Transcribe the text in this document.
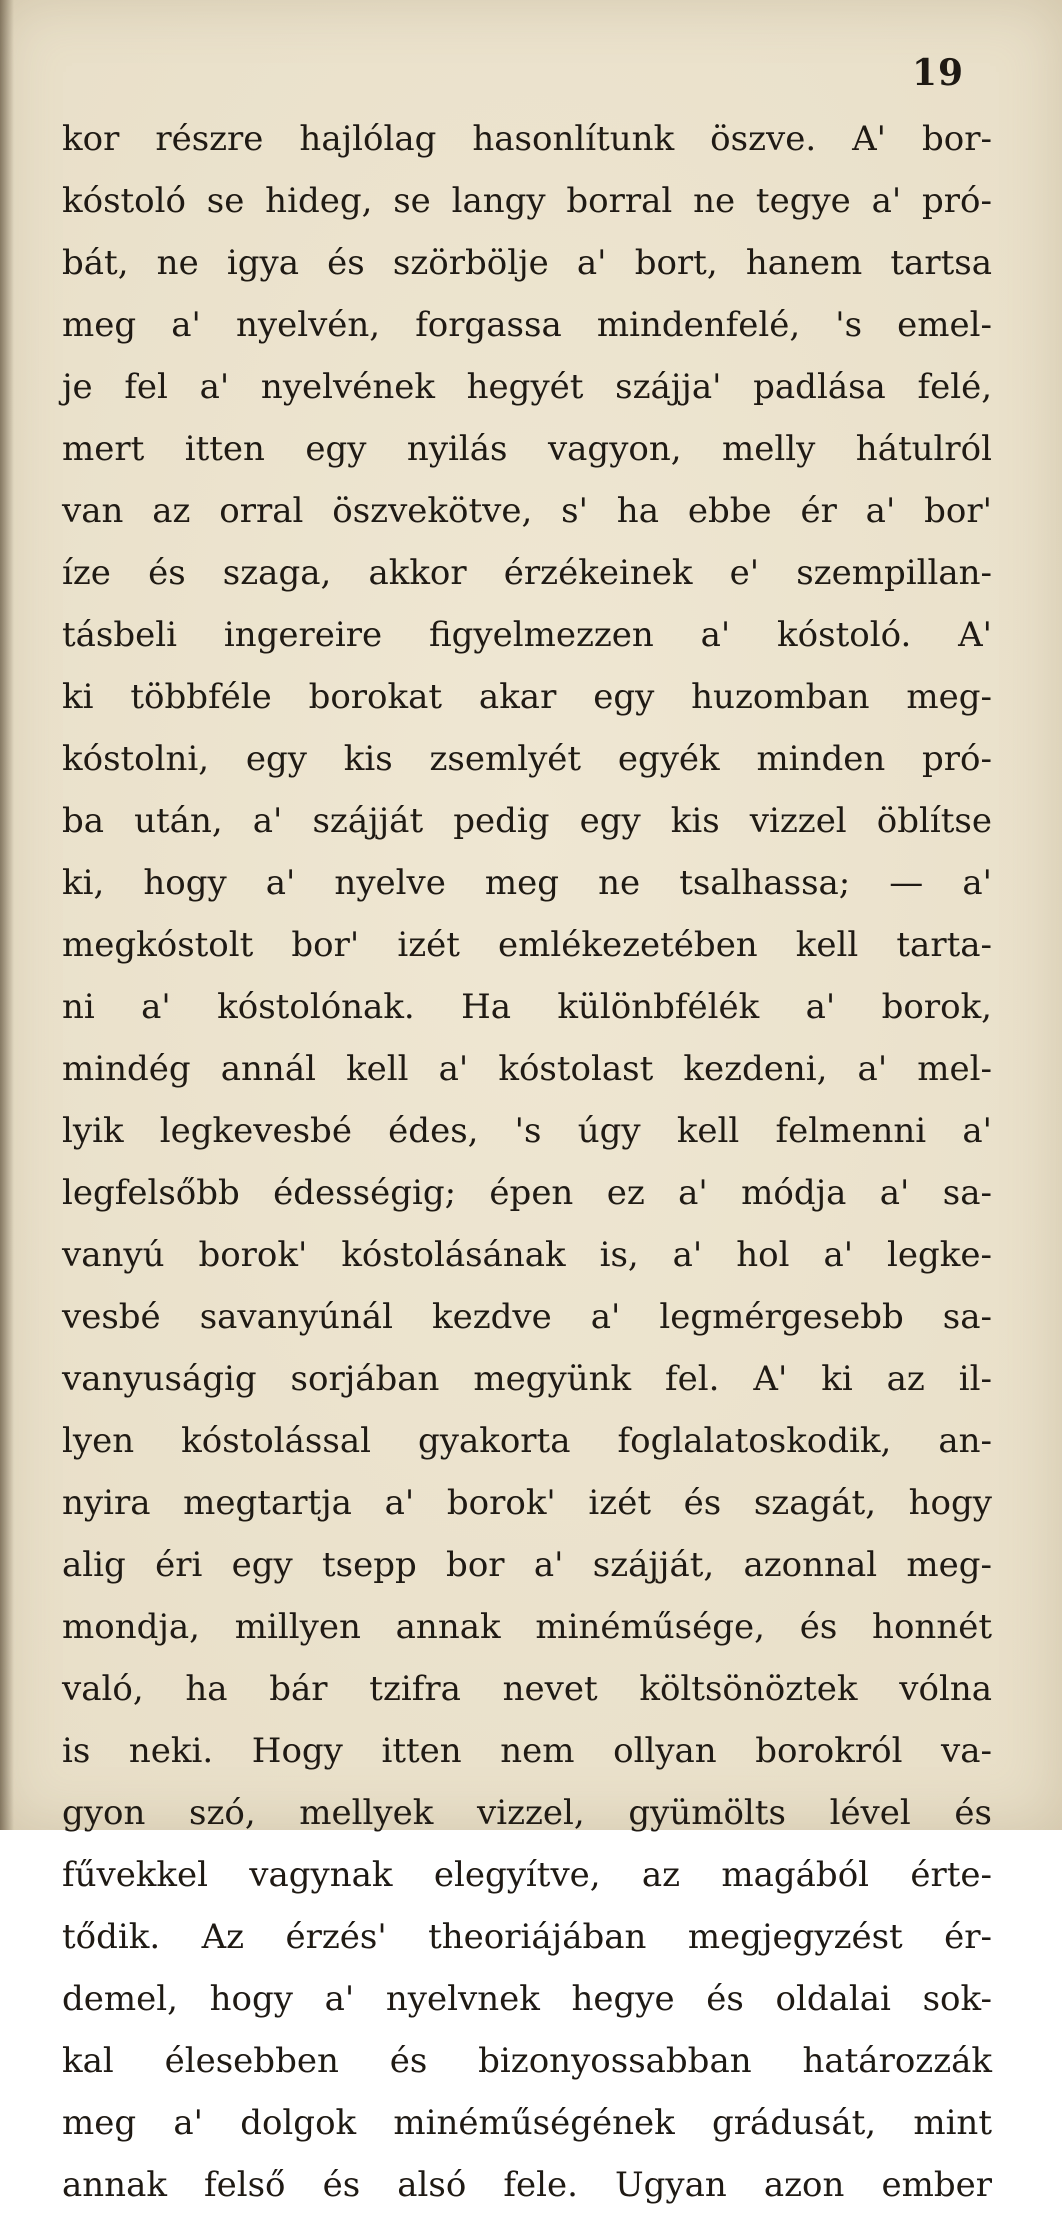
19
kor részre hajlólag hasonlítunk öszve. A' bor-
kóstoló se hideg, se langy borral ne tegye a' pró-
bát, ne igya és szörbölje a' bort, hanem tartsa
meg a' nyelvén, forgassa mindenfelé, 's emel-
je fel a' nyelvének hegyét szájja' padlása felé,
mert itten egy nyilás vagyon, melly hátulról
van az orral öszvekötve, s' ha ebbe ér a' bor'
íze és szaga, akkor érzékeinek e' szempillan-
tásbeli ingereire figyelmezzen a' kóstoló. A'
ki többféle borokat akar egy huzomban meg-
kóstolni, egy kis zsemlyét egyék minden pró-
ba után, a' szájját pedig egy kis vizzel öblítse
ki, hogy a' nyelve meg ne tsalhassa; — a'
megkóstolt bor' izét emlékezetében kell tarta-
ni a' kóstolónak. Ha különbfélék a' borok,
mindég annál kell a' kóstolast kezdeni, a' mel-
lyik legkevesbé édes, 's úgy kell felmenni a'
legfelsőbb édességig; épen ez a' módja a' sa-
vanyú borok' kóstolásának is, a' hol a' legke-
vesbé savanyúnál kezdve a' legmérgesebb sa-
vanyuságig sorjában megyünk fel. A' ki az il-
lyen kóstolással gyakorta foglalatoskodik, an-
nyira megtartja a' borok' izét és szagát, hogy
alig éri egy tsepp bor a' szájját, azonnal meg-
mondja, millyen annak minéműsége, és honnét
való, ha bár tzifra nevet költsönöztek vólna
is neki. Hogy itten nem ollyan borokról va-
gyon szó, mellyek vizzel, gyümölts lével és
fűvekkel vagynak elegyítve, az magából érte-
tődik. Az érzés' theoriájában megjegyzést ér-
demel, hogy a' nyelvnek hegye és oldalai sok-
kal élesebben és bizonyossabban határozzák
meg a' dolgok minéműségének grádusát, mint
annak felső és alsó fele. Ugyan azon ember
